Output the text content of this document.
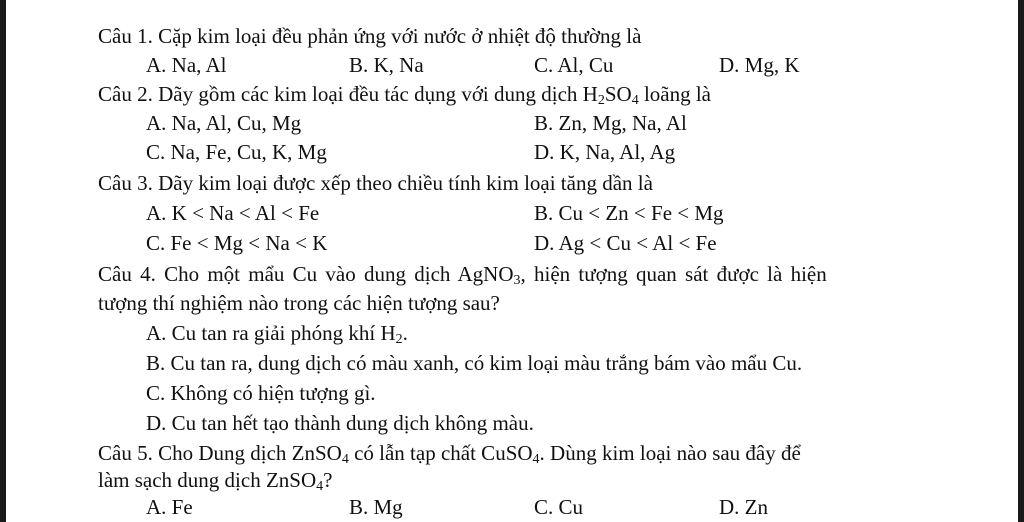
Câu 1. Cặp kim loại đều phản ứng với nước ở nhiệt độ thường là
A. Na, Al	B. K, Na	C. Al, Cu	D. Mg, K
Câu 2. Dãy gồm các kim loại đều tác dụng với dung dịch $H_2SO_4$ loãng là
A. Na, Al, Cu, Mg	B. Zn, Mg, Na, Al
C. Na, Fe, Cu, K, Mg	D. K, Na, Al, Ag
Câu 3. Dãy kim loại được xếp theo chiều tính kim loại tăng dần là
A. K < Na < Al < Fe	B. Cu < Zn < Fe < Mg
C. Fe < Mg < Na < K	D. Ag < Cu < Al < Fe
Câu 4. Cho một mẩu Cu vào dung dịch AgNO$_3$, hiện tượng quan sát được là hiện
tượng thí nghiệm nào trong các hiện tượng sau?
A. Cu tan ra giải phóng khí $H_2$.
B. Cu tan ra, dung dịch có màu xanh, có kim loại màu trắng bám vào mẩu Cu.
C. Không có hiện tượng gì.
D. Cu tan hết tạo thành dung dịch không màu.
Câu 5. Cho Dung dịch ZnSO$_4$ có lẫn tạp chất CuSO$_4$. Dùng kim loại nào sau đây để
làm sạch dung dịch ZnSO$_4$?
A. Fe	B. Mg	C. Cu	D. Zn
